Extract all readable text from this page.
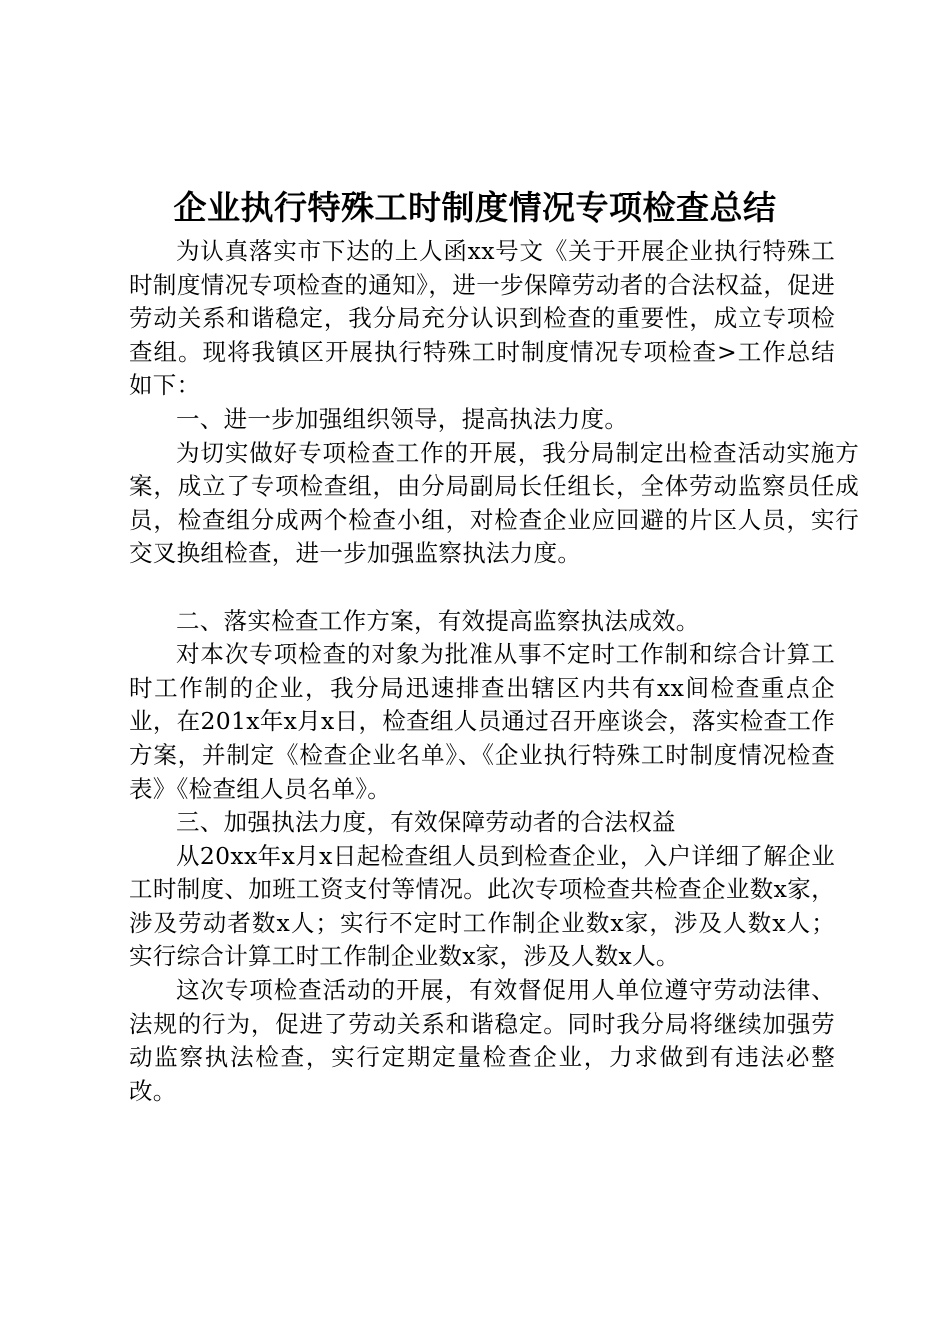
企业执行特殊工时制度情况专项检查总结

为认真落实市下达的上人函xx号文《关于开展企业执行特殊工时制度情况专项检查的通知》，进一步保障劳动者的合法权益，促进劳动关系和谐稳定，我分局充分认识到检查的重要性，成立专项检查组。现将我镇区开展执行特殊工时制度情况专项检查>工作总结如下：

一、进一步加强组织领导，提高执法力度。

为切实做好专项检查工作的开展，我分局制定出检查活动实施方案，成立了专项检查组，由分局副局长任组长，全体劳动监察员任成员，检查组分成两个检查小组，对检查企业应回避的片区人员，实行交叉换组检查，进一步加强监察执法力度。

二、落实检查工作方案，有效提高监察执法成效。

对本次专项检查的对象为批准从事不定时工作制和综合计算工时工作制的企业，我分局迅速排查出辖区内共有xx间检查重点企业，在201x年x月x日，检查组人员通过召开座谈会，落实检查工作方案，并制定《检查企业名单》、《企业执行特殊工时制度情况检查表》《检查组人员名单》。

三、加强执法力度，有效保障劳动者的合法权益

从20xx年x月x日起检查组人员到检查企业，入户详细了解企业工时制度、加班工资支付等情况。此次专项检查共检查企业数x家，涉及劳动者数x人；实行不定时工作制企业数x家，涉及人数x人；实行综合计算工时工作制企业数x家，涉及人数x人。

这次专项检查活动的开展，有效督促用人单位遵守劳动法律、法规的行为，促进了劳动关系和谐稳定。同时我分局将继续加强劳动监察执法检查，实行定期定量检查企业，力求做到有违法必整改。
